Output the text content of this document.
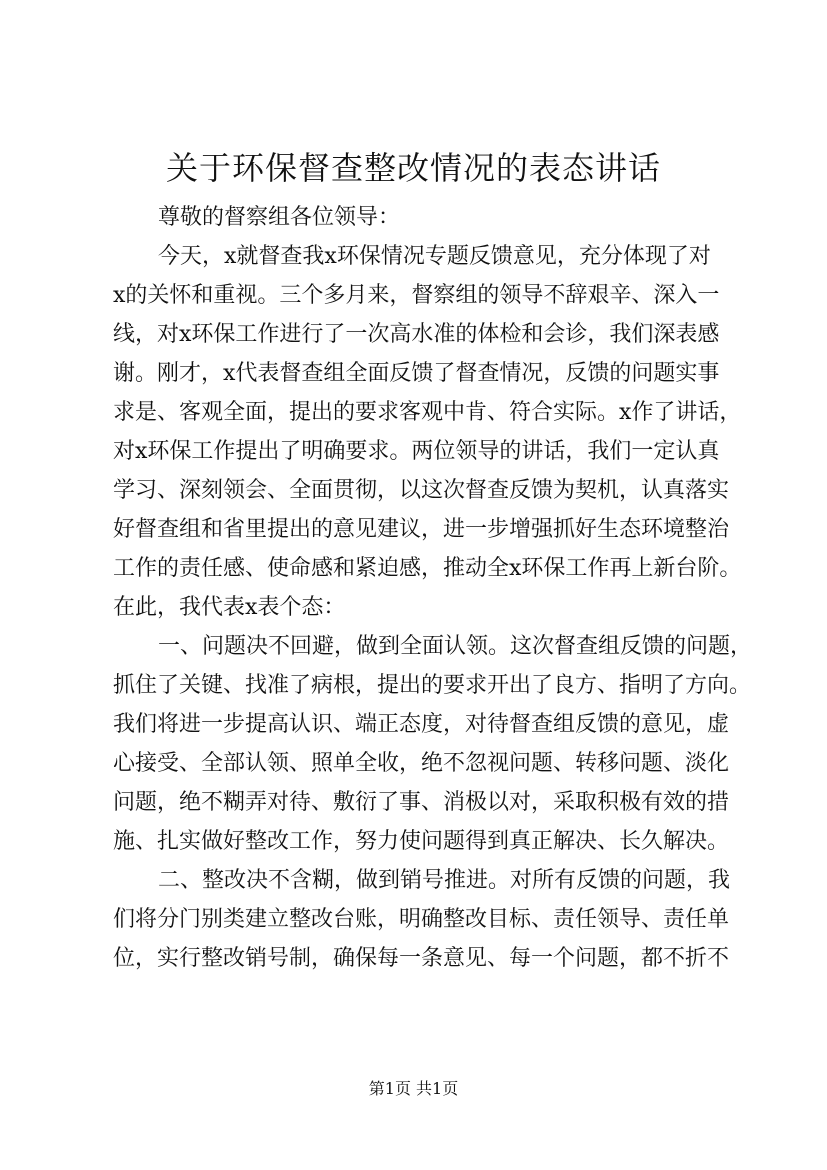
关于环保督查整改情况的表态讲话

尊敬的督察组各位领导：

今天，x就督查我x环保情况专题反馈意见，充分体现了对

x的关怀和重视。三个多月来，督察组的领导不辞艰辛、深入一

线，对x环保工作进行了一次高水准的体检和会诊，我们深表感

谢。刚才，x代表督查组全面反馈了督查情况，反馈的问题实事

求是、客观全面，提出的要求客观中肯、符合实际。x作了讲话，

对x环保工作提出了明确要求。两位领导的讲话，我们一定认真

学习、深刻领会、全面贯彻，以这次督查反馈为契机，认真落实

好督查组和省里提出的意见建议，进一步增强抓好生态环境整治

工作的责任感、使命感和紧迫感，推动全x环保工作再上新台阶。

在此，我代表x表个态：

一、问题决不回避，做到全面认领。这次督查组反馈的问题，

抓住了关键、找准了病根，提出的要求开出了良方、指明了方向。

我们将进一步提高认识、端正态度，对待督查组反馈的意见，虚

心接受、全部认领、照单全收，绝不忽视问题、转移问题、淡化

问题，绝不糊弄对待、敷衍了事、消极以对，采取积极有效的措

施、扎实做好整改工作，努力使问题得到真正解决、长久解决。

二、整改决不含糊，做到销号推进。对所有反馈的问题，我

们将分门别类建立整改台账，明确整改目标、责任领导、责任单

位，实行整改销号制，确保每一条意见、每一个问题，都不折不

第1页 共1页
